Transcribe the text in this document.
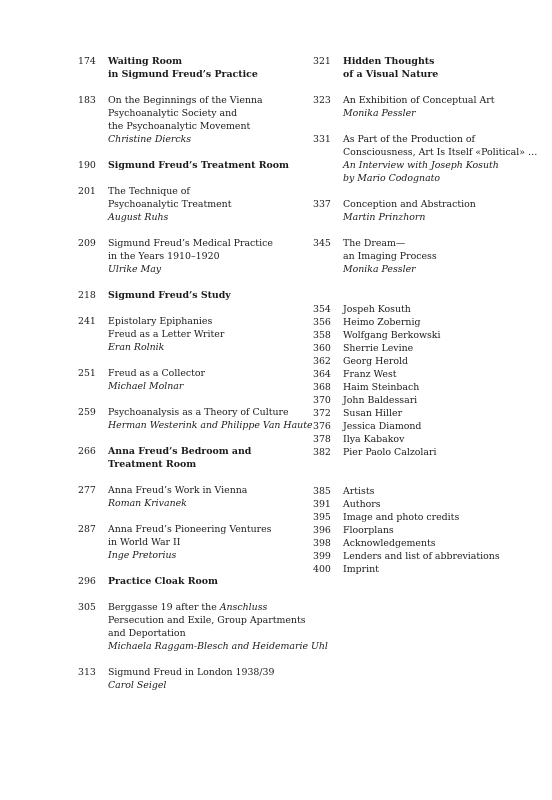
174	Waiting Room
in Sigmund Freud’s Practice
183	On the Beginnings of the Vienna
Psychoanalytic Society and
the Psychoanalytic Movement
Christine Diercks
190	Sigmund Freud’s Treatment Room
201	The Technique of
Psychoanalytic Treatment
August Ruhs
209	Sigmund Freud’s Medical Practice
in the Years 1910–1920
Ulrike May
218	Sigmund Freud’s Study
241	Epistolary Epiphanies
Freud as a Letter Writer
Eran Rolnik
251	Freud as a Collector
Michael Molnar
259	Psychoanalysis as a Theory of Culture
Herman Westerink and Philippe Van Haute
266	Anna Freud’s Bedroom and
Treatment Room
277	Anna Freud’s Work in Vienna
Roman Krivanek
287	Anna Freud’s Pioneering Ventures
in World War II
Inge Pretorius
296	Practice Cloak Room
305	Berggasse 19 after the Anschluss
Persecution and Exile, Group Apartments
and Deportation
Michaela Raggam-Blesch and Heidemarie Uhl
313	Sigmund Freud in London 1938/39
Carol Seigel
321	Hidden Thoughts
of a Visual Nature
323	An Exhibition of Conceptual Art
Monika Pessler
331	As Part of the Production of
Consciousness, Art Is Itself «Political» …
An Interview with Joseph Kosuth
by Mario Codognato
337	Conception and Abstraction
Martin Prinzhorn
345	The Dream—
an Imaging Process
Monika Pessler
354	Jospeh Kosuth
356	Heimo Zobernig
358	Wolfgang Berkowski
360	Sherrie Levine
362	Georg Herold
364	Franz West
368	Haim Steinbach
370	John Baldessari
372	Susan Hiller
376	Jessica Diamond
378	Ilya Kabakov
382	Pier Paolo Calzolari
385	Artists
391	Authors
395	Image and photo credits
396	Floorplans
398	Acknowledgements
399	Lenders and list of abbreviations
400	Imprint
